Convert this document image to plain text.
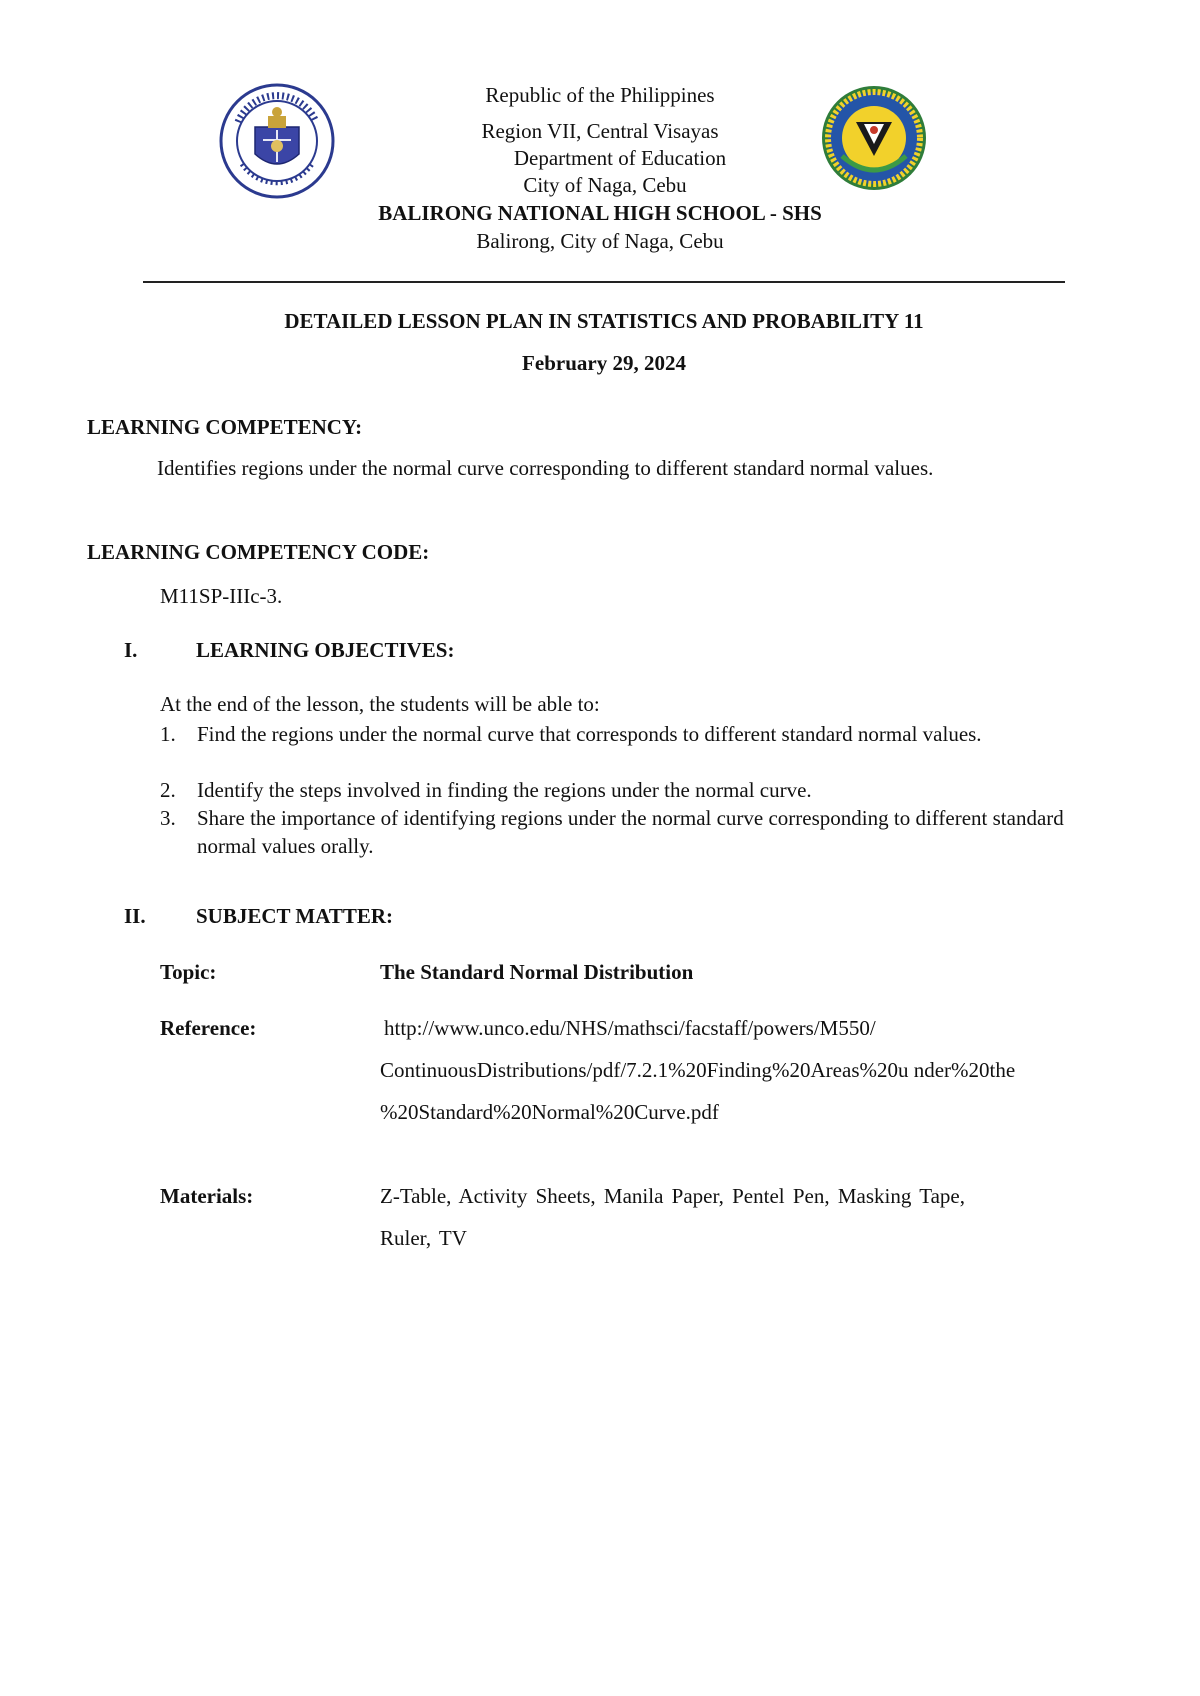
Republic of the Philippines
Region VII, Central Visayas
Department of Education
City of Naga, Cebu
BALIRONG NATIONAL HIGH SCHOOL - SHS
Balirong, City of Naga, Cebu
DETAILED LESSON PLAN IN STATISTICS AND PROBABILITY 11
February 29, 2024
LEARNING COMPETENCY:
Identifies regions under the normal curve corresponding to different standard normal values.
LEARNING COMPETENCY CODE:
M11SP-IIIc-3.
I.	LEARNING OBJECTIVES:
At the end of the lesson, the students will be able to:
1. Find the regions under the normal curve that corresponds to different standard normal values.
2. Identify the steps involved in finding the regions under the normal curve.
3. Share the importance of identifying regions under the normal curve corresponding to different standard normal values orally.
II. SUBJECT MATTER:
Topic:	The Standard Normal Distribution
Reference:	http://www.unco.edu/NHS/mathsci/facstaff/powers/M550/
ContinuousDistributions/pdf/7.2.1%20Finding%20Areas%20u nder%20the
%20Standard%20Normal%20Curve.pdf
Materials:	Z-Table, Activity Sheets, Manila Paper, Pentel Pen, Masking Tape,
Ruler, TV
